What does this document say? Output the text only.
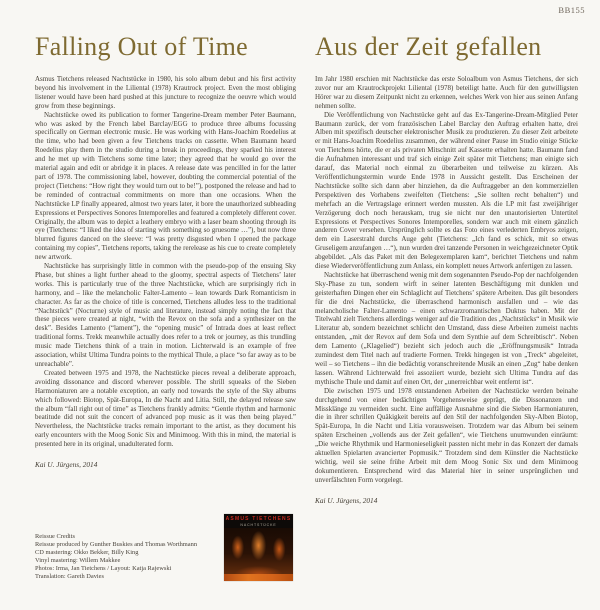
BB155
Falling Out of Time

Asmus Tietchens released Nachtstücke in 1980, his solo album debut and his first activity beyond his involvement in the Liliental (1978) Krautrock project. Even the most obliging listener would have been hard pushed at this juncture to recognize the oeuvre which would grow from these beginnings.

Nachtstücke owed its publication to former Tangerine-Dream member Peter Baumann, who was asked by the French label Barclay/EGG to produce three albums focussing specifically on German electronic music. He was working with Hans-Joachim Roedelius at the time, who had been given a few Tietchens tracks on cassette. When Baumann heard Roedelius play them in the studio during a break in proceedings, they sparked his interest and he met up with Tietchens some time later; they agreed that he would go over the material again and edit or abridge it in places. A release date was pencilled in for the latter part of 1978. The commissioning label, however, doubting the commercial potential of the project (Tietchens: “How right they would turn out to be!”), postponed the release and had to be reminded of contractual commitments on more than one occasions. When the Nachtstücke LP finally appeared, almost two years later, it bore the unauthorized subheading Expressions et Perspectives Sonores Intemporelles and featured a completely different cover. Originally, the album was to depict a leathery embryo with a laser beam shooting through its eye (Tietchens: “I liked the idea of starting with something so gruesome …”), but now three blurred figures danced on the sleeve: “I was pretty disgusted when I opened the package containing my copies”, Tietchens reports, taking the rerelease as his cue to create completely new artwork.

Nachtstücke has surprisingly little in common with the pseudo-pop of the ensuing Sky Phase, but shines a light further ahead to the gloomy, spectral aspects of Tietchens’ later works. This is particularly true of the three Nachtstücke, which are surprisingly rich in harmony, and – like the melancholic Falter-Lamento – lean towards Dark Romanticism in character. As far as the choice of title is concerned, Tietchens alludes less to the traditional “Nachtstück” (Nocturne) style of music and literature, instead simply noting the fact that these pieces were created at night, “with the Revox on the sofa and a synthesizer on the desk”. Besides Lamento (“lament”), the “opening music” of Intrada does at least reflect traditional forms. Trekk meanwhile actually does refer to a trek or journey, as this trundling music made Tietchens think of a train in motion. Lichterwald is an example of free association, whilst Ultima Tundra points to the mythical Thule, a place “so far away as to be unreachable”.

Created between 1975 and 1978, the Nachtstücke pieces reveal a deliberate approach, avoiding dissonance and discord wherever possible. The shrill squeaks of the Sieben Harmoniaturen are a notable exception, an early nod towards the style of the Sky albums which followed: Biotop, Spät-Europa, In die Nacht and Litia. Still, the delayed release saw the album “fall right out of time” as Tietchens frankly admits: “Gentle rhythm and harmonic beatitude did not suit the concert of advanced pop music as it was then being played.” Nevertheless, the Nachtstücke tracks remain important to the artist, as they document his early encounters with the Moog Sonic Six and Minimoog. With this in mind, the material is presented here in its original, unadulterated form.

Kai U. Jürgens, 2014
Aus der Zeit gefallen

Im Jahr 1980 erschien mit Nachtstücke das erste Soloalbum von Asmus Tietchens, der sich zuvor nur am Krautrockprojekt Liliental (1978) beteiligt hatte. Auch für den gutwilligsten Hörer war zu diesem Zeitpunkt nicht zu erkennen, welches Werk von hier aus seinen Anfang nehmen sollte.

Die Veröffentlichung von Nachtstücke geht auf das Ex-Tangerine-Dream-Mitglied Peter Baumann zurück, der vom französischen Label Barclay den Auftrag erhalten hatte, drei Alben mit spezifisch deutscher elektronischer Musik zu produzieren. Zu dieser Zeit arbeitete er mit Hans-Joachim Roedelius zusammen, der während einer Pause im Studio einige Stücke von Tietchens hörte, die er als privaten Mitschnitt auf Kassette erhalten hatte. Baumann fand die Aufnahmen interessant und traf sich einige Zeit später mit Tietchens; man einigte sich darauf, das Material noch einmal zu überarbeiten und teilweise zu kürzen. Als Veröffentlichungstermin wurde Ende 1978 in Aussicht gestellt. Das Erscheinen der Nachtstücke sollte sich dann aber hinziehen, da die Auftraggeber an den kommerziellen Perspektiven des Vorhabens zweifelten (Tietchens: „Sie sollten recht behalten“) und mehrfach an die Vertragslage erinnert werden mussten. Als die LP mit fast zweijähriger Verzögerung doch noch herauskam, trug sie nicht nur den unautorisierten Untertitel Expressions et Perspectives Sonores Intemporelles, sondern war auch mit einem gänzlich anderen Cover versehen. Ursprünglich sollte es das Foto eines verlederten Embryos zeigen, dem ein Laserstrahl durchs Auge geht (Tietchens: „Ich fand es schick, mit so etwas Gruseligem anzufangen …“), nun wurden drei tanzende Personen in weichgezeichneter Optik abgebildet. „Als das Paket mit den Belegexemplaren kam“, berichtet Tietchens und nahm diese Wiederveröffentlichung zum Anlass, ein komplett neues Artwork anfertigen zu lassen.

Nachtstücke hat überraschend wenig mit dem sogenannten Pseudo-Pop der nachfolgenden Sky-Phase zu tun, sondern wirft in seiner latenten Beschäftigung mit dunklen und geisterhaften Dingen eher ein Schlaglicht auf Tietchens’ spätere Arbeiten. Das gilt besonders für die drei Nachtstücke, die überraschend harmonisch ausfallen und – wie das melancholische Falter-Lamento – einen schwarzromantischen Duktus haben. Mit der Titelwahl zielt Tietchens allerdings weniger auf die Tradition des „Nachtstücks“ in Musik wie Literatur ab, sondern bezeichnet schlicht den Umstand, dass diese Arbeiten zumeist nachts entstanden, „mit der Revox auf dem Sofa und dem Synthie auf dem Schreibtisch“. Neben dem Lamento („Klagelied“) bezieht sich jedoch auch die „Eröffnungsmusik“ Intrada zumindest dem Titel nach auf tradierte Formen. Trekk hingegen ist von „Treck“ abgeleitet, weil – so Tietchens – ihn die bedächtig voranschreitende Musik an einen „Zug“ habe denken lassen. Während Lichterwald frei assoziiert wurde, bezieht sich Ultima Tundra auf das mythische Thule und damit auf einen Ort, der „unerreichbar weit entfernt ist“.

Die zwischen 1975 und 1978 entstandenen Arbeiten der Nachtstücke werden beinahe durchgehend von einer bedächtigen Vorgehensweise geprägt, die Dissonanzen und Missklänge zu vermeiden sucht. Eine auffällige Ausnahme sind die Sieben Harmoniaturen, die in ihrer schrillen Quäkigkeit bereits auf den Stil der nachfolgenden Sky-Alben Biotop, Spät-Europa, In die Nacht und Litia vorausweisen. Trotzdem war das Album bei seinem späten Erscheinen „vollends aus der Zeit gefallen“, wie Tietchens unumwunden einräumt: „Die weiche Rhythmik und Harmonieseligkeit passten nicht mehr in das Konzert der damals aktuellen Spielarten avancierter Popmusik.“ Trotzdem sind dem Künstler die Nachtstücke wichtig, weil sie seine frühe Arbeit mit dem Moog Sonic Six und dem Minimoog dokumentieren. Entsprechend wird das Material hier in seiner ursprünglichen und unverfälschten Form vorgelegt.

Kai U. Jürgens, 2014
Reissue Credits
Reissue produced by Gunther Buskies and Thomas Worthmann
CD mastering: Okko Bekker, Billy King
Vinyl mastering: Willem Makkee
Photos: Irma, Jan Tietchens / Layout: Katja Rajewski
Translation: Gareth Davies
ASMUS TIETCHENS
NACHTSTÜCKE
